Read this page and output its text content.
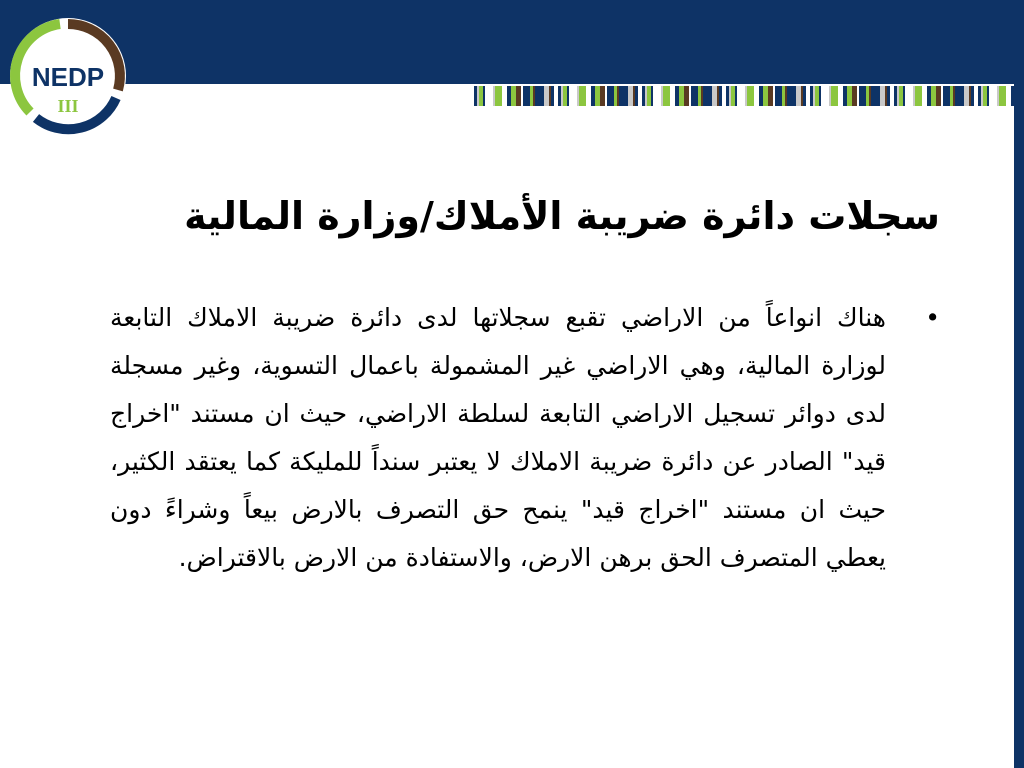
NEDP
III
سجلات دائرة ضريبة الأملاك/وزارة المالية
•
هناك انواعاً من الاراضي تقبع سجلاتها لدى دائرة ضريبة الاملاك التابعة لوزارة المالية، وهي الاراضي غير المشمولة باعمال التسوية، وغير مسجلة لدى دوائر تسجيل الاراضي التابعة لسلطة الاراضي، حيث ان مستند "اخراج قيد" الصادر عن دائرة ضريبة الاملاك لا يعتبر سنداً للمليكة كما يعتقد الكثير، حيث ان مستند "اخراج قيد" ينمح حق التصرف بالارض بيعاً وشراءً دون يعطي المتصرف الحق برهن الارض، والاستفادة من الارض بالاقتراض.
